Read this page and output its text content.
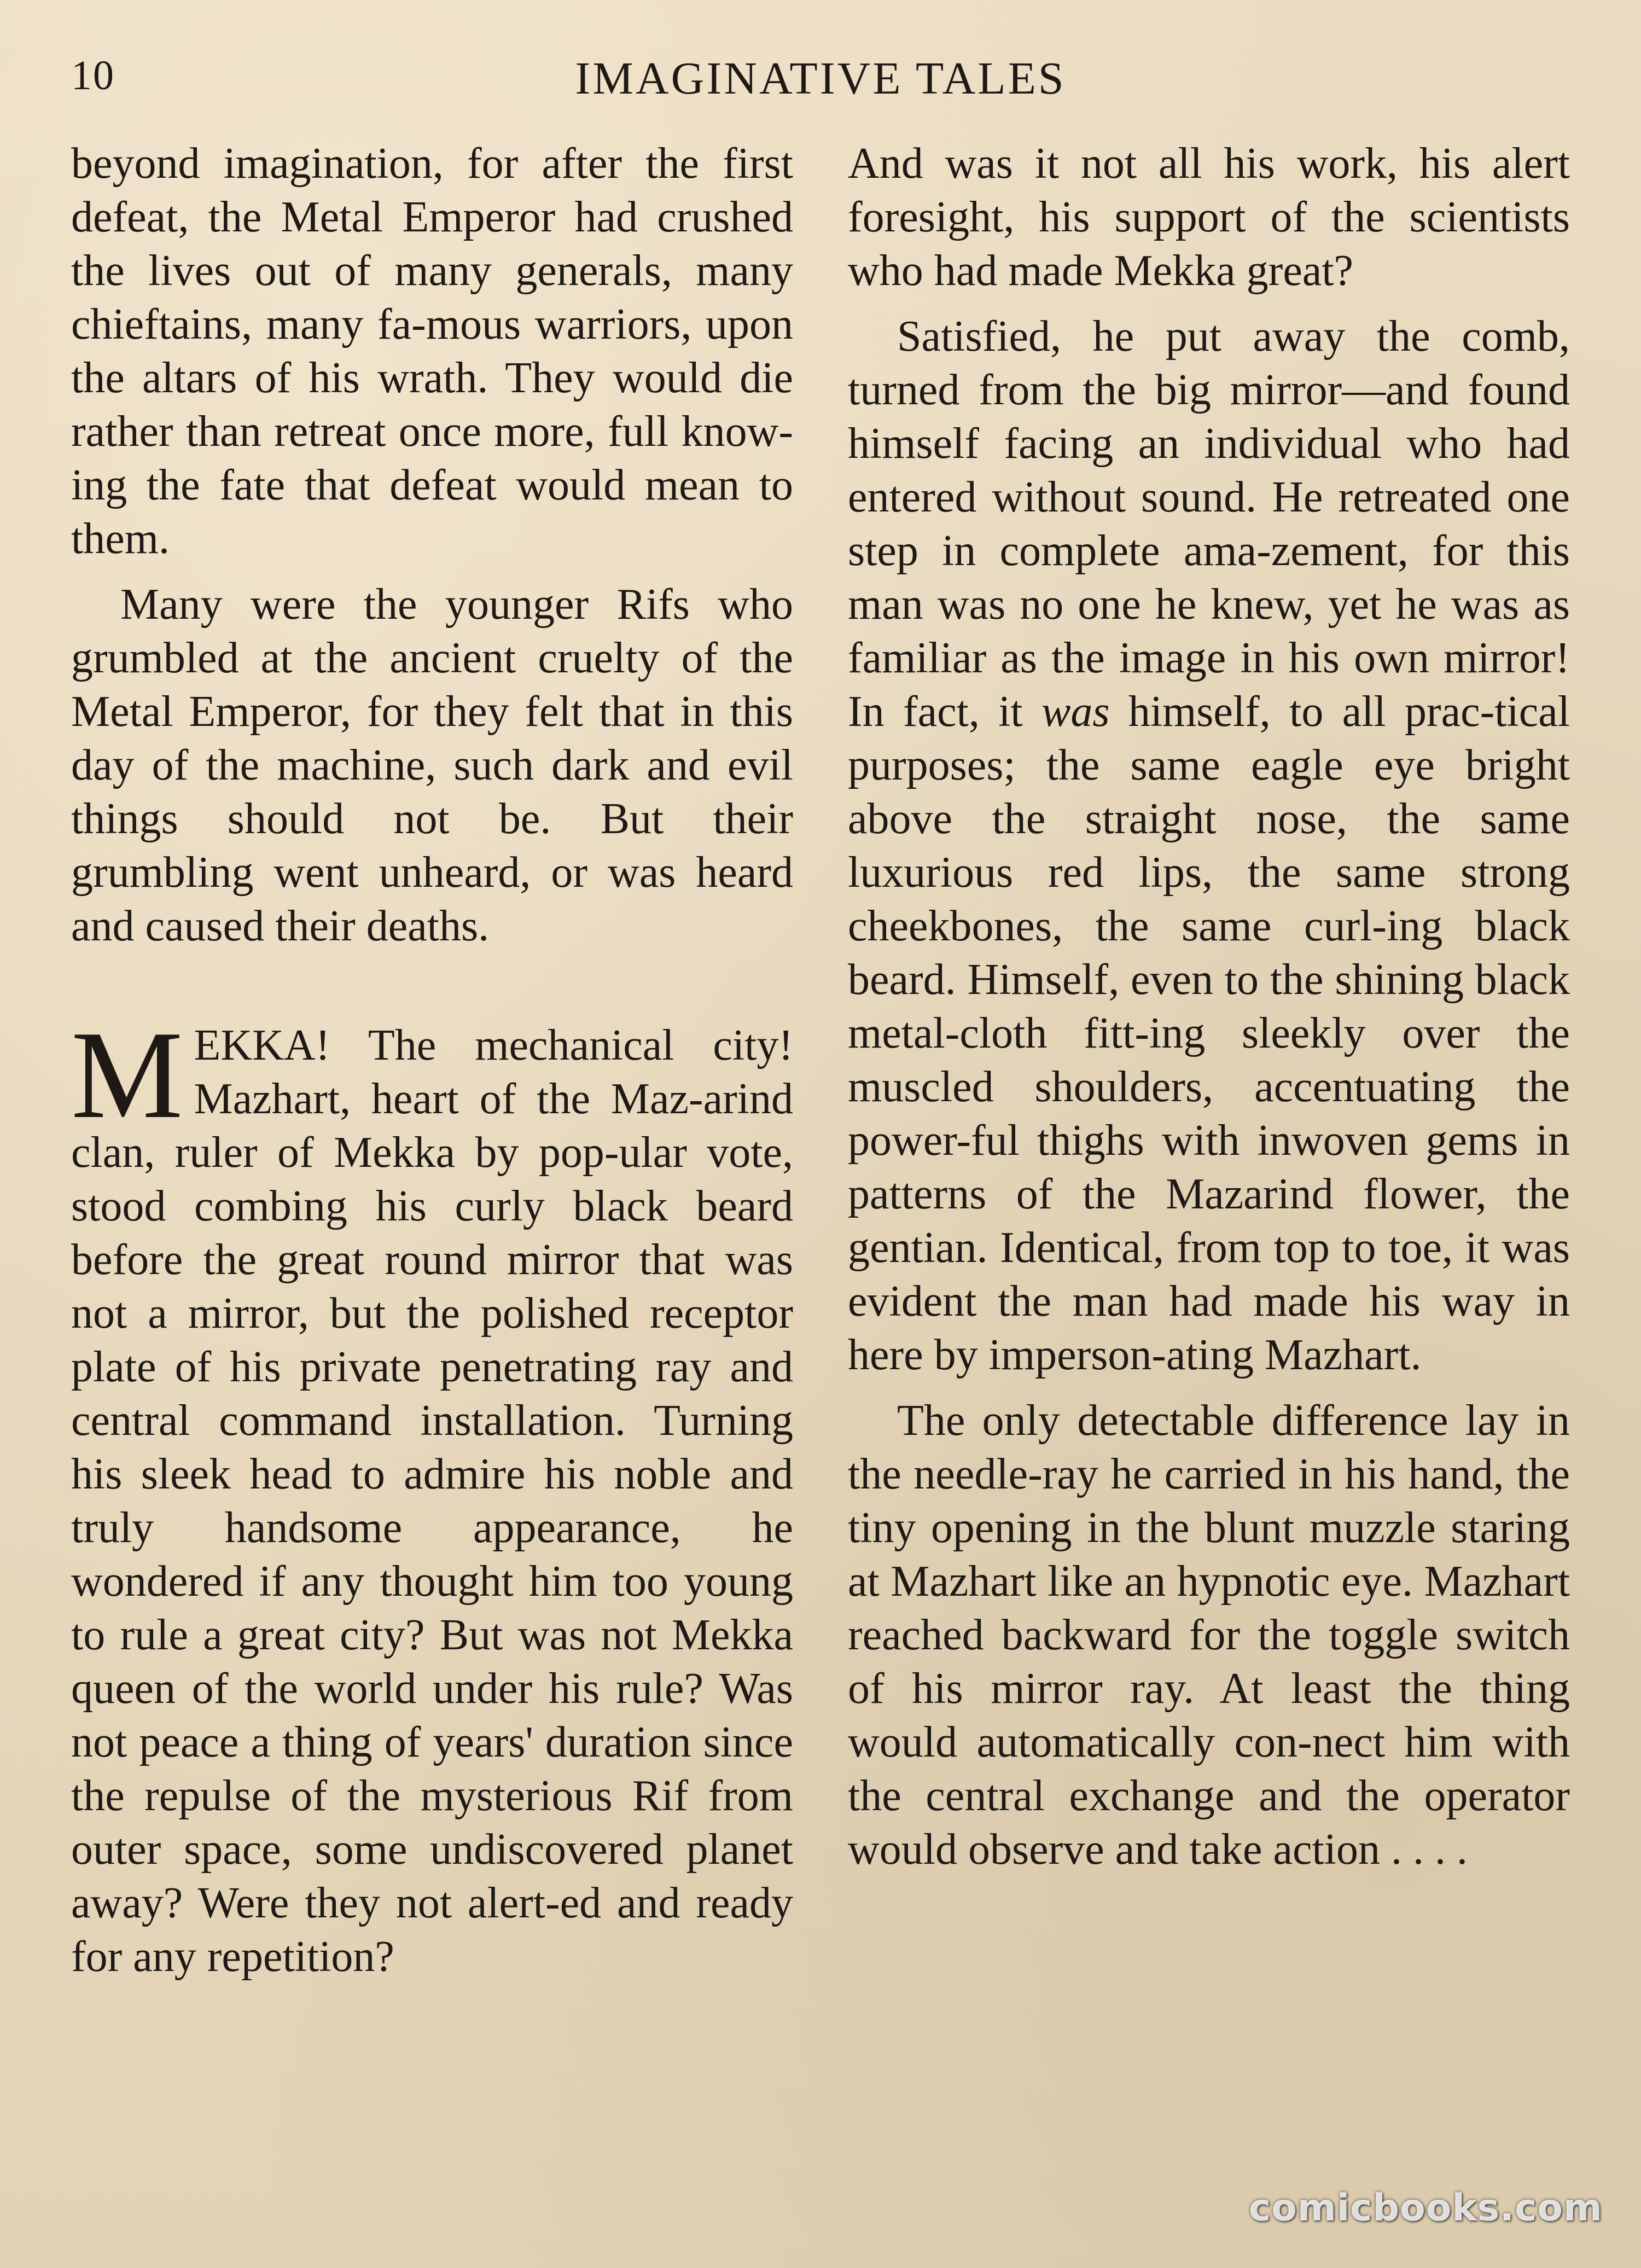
10	IMAGINATIVE TALES

beyond imagination, for after the first defeat, the Metal Emperor had crushed the lives out of many generals, many chieftains, many fa-mous warriors, upon the altars of his wrath. They would die rather than retreat once more, full know-ing the fate that defeat would mean to them.

Many were the younger Rifs who grumbled at the ancient cruelty of the Metal Emperor, for they felt that in this day of the machine, such dark and evil things should not be. But their grumbling went unheard, or was heard and caused their deaths.

MEKKA! The mechanical city! Mazhart, heart of the Maz-arind clan, ruler of Mekka by pop-ular vote, stood combing his curly black beard before the great round mirror that was not a mirror, but the polished receptor plate of his private penetrating ray and central command installation. Turning his sleek head to admire his noble and truly handsome appearance, he wondered if any thought him too young to rule a great city? But was not Mekka queen of the world under his rule? Was not peace a thing of years' duration since the repulse of the mysterious Rif from outer space, some undiscovered planet away? Were they not alert-ed and ready for any repetition?

And was it not all his work, his alert foresight, his support of the scientists who had made Mekka great?

Satisfied, he put away the comb, turned from the big mirror—and found himself facing an individual who had entered without sound. He retreated one step in complete ama-zement, for this man was no one he knew, yet he was as familiar as the image in his own mirror! In fact, it was himself, to all prac-tical purposes; the same eagle eye bright above the straight nose, the same luxurious red lips, the same strong cheekbones, the same curl-ing black beard. Himself, even to the shining black metal-cloth fitt-ing sleekly over the muscled shoulders, accentuating the power-ful thighs with inwoven gems in patterns of the Mazarind flower, the gentian. Identical, from top to toe, it was evident the man had made his way in here by imperson-ating Mazhart.

The only detectable difference lay in the needle-ray he carried in his hand, the tiny opening in the blunt muzzle staring at Mazhart like an hypnotic eye. Mazhart reached backward for the toggle switch of his mirror ray. At least the thing would automatically con-nect him with the central exchange and the operator would observe and take action . . . .

comicbooks.com
